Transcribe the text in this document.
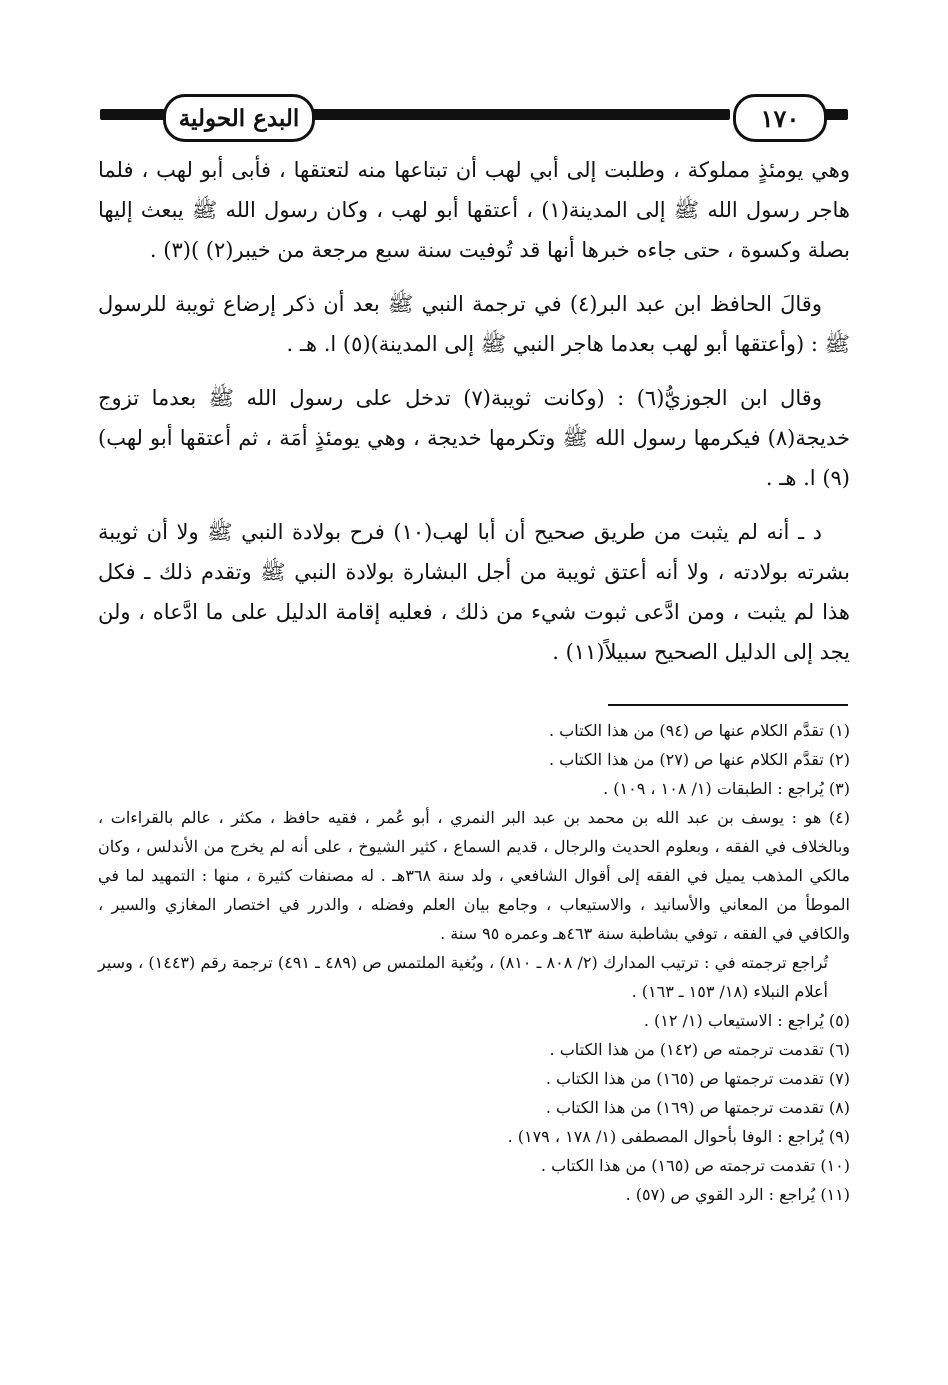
البدع الحولية	١٧٠

وهي يومئذٍ مملوكة ، وطلبت إلى أبي لهب أن تبتاعها منه لتعتقها ، فأبى أبو لهب ، فلما هاجر رسول الله ﷺ إلى المدينة(١) ، أعتقها أبو لهب ، وكان رسول الله ﷺ يبعث إليها بصلة وكسوة ، حتى جاءه خبرها أنها قد تُوفيت سنة سبع مرجعة من خيبر(٢) )(٣) .

وقالَ الحافظ ابن عبد البر(٤) في ترجمة النبي ﷺ بعد أن ذكر إرضاع ثويبة للرسول ﷺ : (وأعتقها أبو لهب بعدما هاجر النبي ﷺ إلى المدينة)(٥) ا. هـ .

وقال ابن الجوزيُّ(٦) : (وكانت ثويبة(٧) تدخل على رسول الله ﷺ بعدما تزوج خديجة(٨) فيكرمها رسول الله ﷺ وتكرمها خديجة ، وهي يومئذٍ أمَة ، ثم أعتقها أبو لهب)(٩) ا. هـ .

د ـ أنه لم يثبت من طريق صحيح أن أبا لهب(١٠) فرح بولادة النبي ﷺ ولا أن ثويبة بشرته بولادته ، ولا أنه أعتق ثويبة من أجل البشارة بولادة النبي ﷺ وتقدم ذلك ـ فكل هذا لم يثبت ، ومن ادَّعى ثبوت شيء من ذلك ، فعليه إقامة الدليل على ما ادَّعاه ، ولن يجد إلى الدليل الصحيح سبيلاً(١١) .

(١) تقدَّم الكلام عنها ص (٩٤) من هذا الكتاب .
(٢) تقدَّم الكلام عنها ص (٢٧) من هذا الكتاب .
(٣) يُراجع : الطبقات (١/ ١٠٨ ، ١٠٩) .
(٤) هو : يوسف بن عبد الله بن محمد بن عبد البر النمري ، أبو عُمر ، فقيه حافظ ، مكثر ، عالم بالقراءات ، وبالخلاف في الفقه ، وبعلوم الحديث والرجال ، قديم السماع ، كثير الشيوخ ، على أنه لم يخرج من الأندلس ، وكان مالكي المذهب يميل في الفقه إلى أقوال الشافعي ، ولد سنة ٣٦٨هـ . له مصنفات كثيرة ، منها : التمهيد لما في الموطأ من المعاني والأسانيد ، والاستيعاب ، وجامع بيان العلم وفضله ، والدرر في اختصار المغازي والسير ، والكافي في الفقه ، توفي بشاطبة سنة ٤٦٣هـ وعمره ٩٥ سنة .
تُراجع ترجمته في : ترتيب المدارك (٢/ ٨٠٨ ـ ٨١٠) ، وبُغية الملتمس ص (٤٨٩ ـ ٤٩١) ترجمة رقم (١٤٤٣) ، وسير أعلام النبلاء (١٨/ ١٥٣ ـ ١٦٣) .
(٥) يُراجع : الاستيعاب (١/ ١٢) .
(٦) تقدمت ترجمته ص (١٤٢) من هذا الكتاب .
(٧) تقدمت ترجمتها ص (١٦٥) من هذا الكتاب .
(٨) تقدمت ترجمتها ص (١٦٩) من هذا الكتاب .
(٩) يُراجع : الوفا بأحوال المصطفى (١/ ١٧٨ ، ١٧٩) .
(١٠) تقدمت ترجمته ص (١٦٥) من هذا الكتاب .
(١١) يُراجع : الرد القوي ص (٥٧) .
